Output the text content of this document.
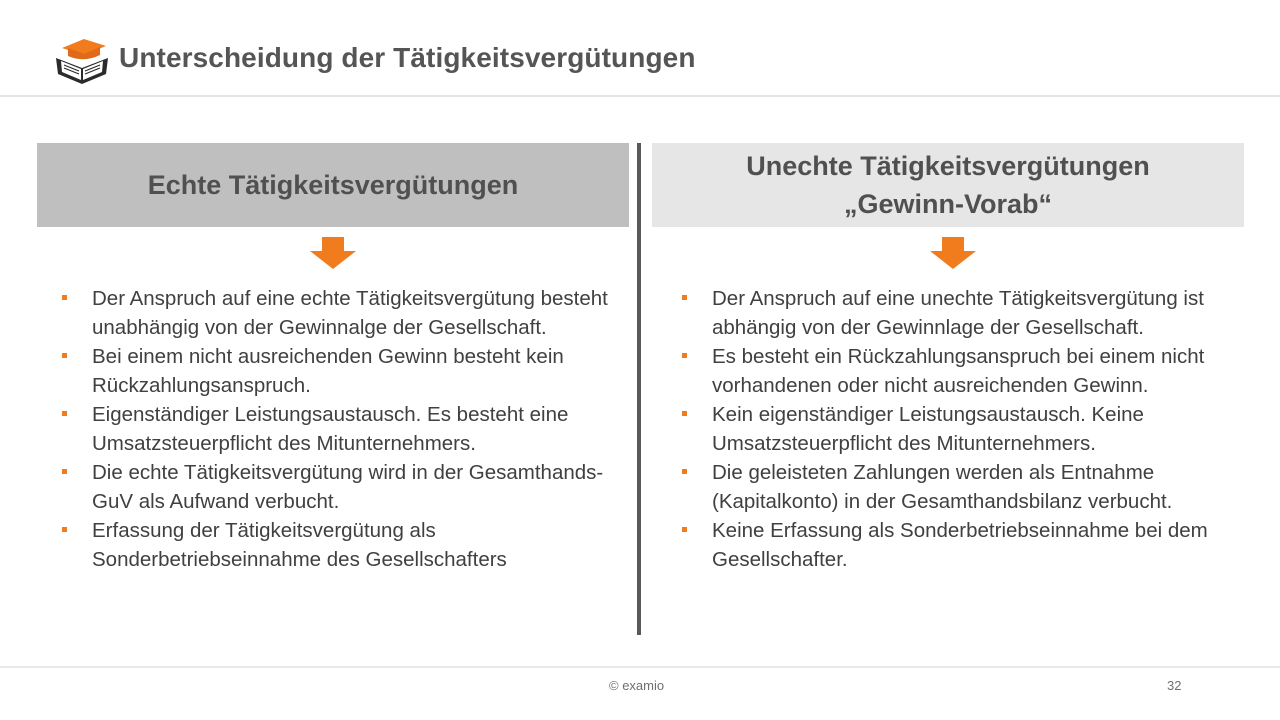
Unterscheidung der Tätigkeitsvergütungen
Echte Tätigkeitsvergütungen
Unechte Tätigkeitsvergütungen
„Gewinn-Vorab“
Der Anspruch auf eine echte Tätigkeitsvergütung besteht unabhängig von der Gewinnalge der Gesellschaft.
Bei einem nicht ausreichenden Gewinn besteht kein Rückzahlungsanspruch.
Eigenständiger Leistungsaustausch. Es besteht eine Umsatzsteuerpflicht des Mitunternehmers.
Die echte Tätigkeitsvergütung wird in der Gesamthands-GuV als Aufwand verbucht.
Erfassung der Tätigkeitsvergütung als Sonderbetriebseinnahme des Gesellschafters
Der Anspruch auf eine unechte Tätigkeitsvergütung ist abhängig von der Gewinnlage der Gesellschaft.
Es besteht ein Rückzahlungsanspruch bei einem nicht vorhandenen oder nicht ausreichenden Gewinn.
Kein eigenständiger Leistungsaustausch. Keine Umsatzsteuerpflicht des Mitunternehmers.
Die geleisteten Zahlungen werden als Entnahme (Kapitalkonto) in der Gesamthandsbilanz verbucht.
Keine Erfassung als Sonderbetriebseinnahme bei dem Gesellschafter.
© examio	32
